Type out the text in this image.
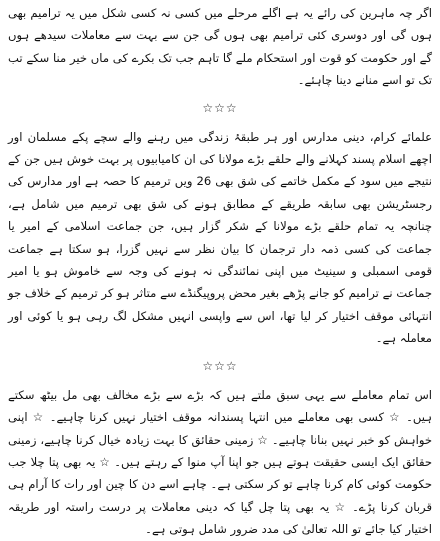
اگر چہ ماہرین کی رائے یہ ہے اگلے مرحلے میں کسی نہ کسی شکل میں یہ ترامیم بھی ہوں گی اور دوسری کئی ترامیم بھی ہوں گی جن سے بہت سے معاملات سیدھے ہوں گے اور حکومت کو قوت اور استحکام ملے گا تاہم جب تک بکرے کی ماں خیر منا سکے تب تک تو اسے منانے دینا چاہئے۔

☆☆☆

علمائے کرام، دینی مدارس اور ہر طبقۂ زندگی میں رہنے والے سچے پکے مسلمان اور اچھے اسلام پسند کہلانے والے حلقے بڑے مولانا کی ان کامیابیوں پر بہت خوش ہیں جن کے نتیجے میں سود کے مکمل خاتمے کی شق بھی 26 ویں ترمیم کا حصہ ہے اور مدارس کی رجسٹریشن بھی سابقہ طریقے کے مطابق ہونے کی شق بھی ترمیم میں شامل ہے، چنانچہ یہ تمام حلقے بڑے مولانا کے شکر گزار ہیں، جن جماعت اسلامی کے امیر یا جماعت کی کسی ذمہ دار ترجمان کا بیان نظر سے نہیں گزرا، ہو سکتا ہے جماعت قومی اسمبلی و سینیٹ میں اپنی نمائندگی نہ ہونے کی وجہ سے خاموش ہو یا امیر جماعت نے ترامیم کو جانے پڑھے بغیر محض پروپیگنڈے سے متاثر ہو کر ترمیم کے خلاف جو انتہائی موقف اختیار کر لیا تھا، اس سے واپسی انہیں مشکل لگ رہی ہو یا کوئی اور معاملہ ہے۔

☆☆☆

اس تمام معاملے سے یہی سبق ملتے ہیں کہ بڑے سے بڑے مخالف بھی مل بیٹھ سکتے ہیں۔ ☆ کسی بھی معاملے میں انتہا پسندانہ موقف اختیار نہیں کرنا چاہیے۔ ☆ اپنی خواہش کو خبر نہیں بنانا چاہیے۔ ☆ زمینی حقائق کا بہت زیادہ خیال کرنا چاہیے، زمینی حقائق ایک ایسی حقیقت ہوتے ہیں جو اپنا آپ منوا کے رہتے ہیں۔ ☆ یہ بھی پتا چلا جب حکومت کوئی کام کرنا چاہے تو کر سکتی ہے۔ چاہے اسے دن کا چین اور رات کا آرام ہی قربان کرنا پڑے۔ ☆ یہ بھی پتا چل گیا کہ دینی معاملات پر درست راستہ اور طریقہ اختیار کیا جائے تو اللہ تعالیٰ کی مدد ضرور شامل ہوتی ہے۔
